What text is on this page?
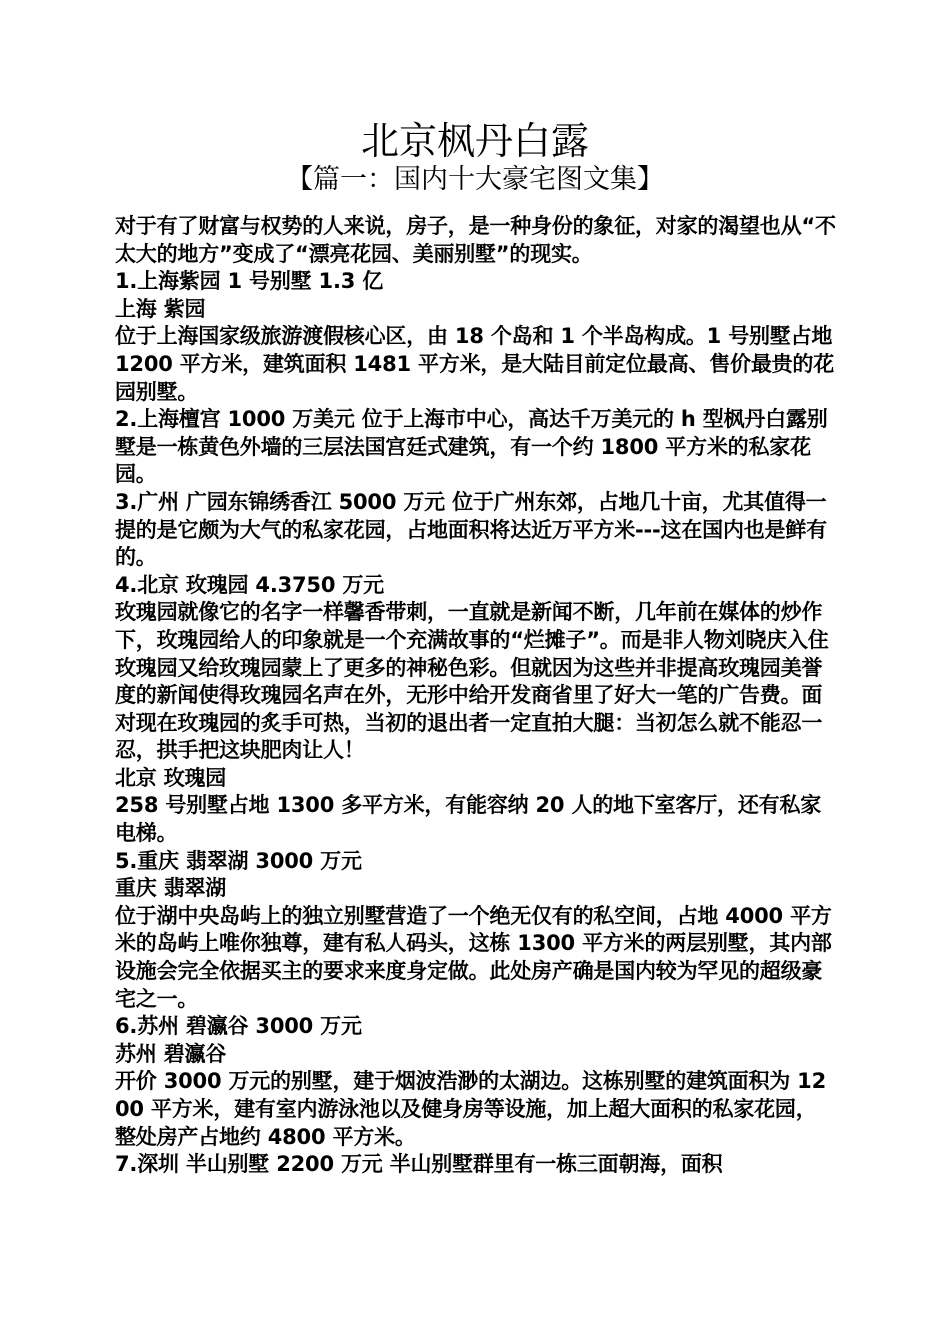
北京枫丹白露
【篇一：国内十大豪宅图文集】

对于有了财富与权势的人来说，房子，是一种身份的象征，对家的渴望也从“不太大的地方”变成了“漂亮花园、美丽别墅”的现实。

1.上海紫园 1 号别墅 1.3 亿

上海 紫园

位于上海国家级旅游渡假核心区，由 18 个岛和 1 个半岛构成。1 号别墅占地 1200 平方米，建筑面积 1481 平方米，是大陆目前定位最高、售价最贵的花园别墅。

2.上海檀宫 1000 万美元 位于上海市中心，高达千万美元的 h 型枫丹白露别墅是一栋黄色外墙的三层法国宫廷式建筑，有一个约 1800 平方米的私家花园。

3.广州 广园东锦绣香江 5000 万元 位于广州东郊，占地几十亩，尤其值得一提的是它颇为大气的私家花园，占地面积将达近万平方米---这在国内也是鲜有的。

4.北京 玫瑰园 4.3750 万元

玫瑰园就像它的名字一样馨香带刺，一直就是新闻不断，几年前在媒体的炒作下，玫瑰园给人的印象就是一个充满故事的“烂摊子”。而是非人物刘晓庆入住玫瑰园又给玫瑰园蒙上了更多的神秘色彩。但就因为这些并非提高玫瑰园美誉度的新闻使得玫瑰园名声在外，无形中给开发商省里了好大一笔的广告费。面对现在玫瑰园的炙手可热，当初的退出者一定直拍大腿：当初怎么就不能忍一忍，拱手把这块肥肉让人！

北京 玫瑰园

258 号别墅占地 1300 多平方米，有能容纳 20 人的地下室客厅，还有私家电梯。

5.重庆 翡翠湖 3000 万元

重庆 翡翠湖

位于湖中央岛屿上的独立别墅营造了一个绝无仅有的私空间，占地 4000 平方米的岛屿上唯你独尊，建有私人码头，这栋 1300 平方米的两层别墅，其内部设施会完全依据买主的要求来度身定做。此处房产确是国内较为罕见的超级豪宅之一。

6.苏州 碧瀛谷 3000 万元

苏州 碧瀛谷

开价 3000 万元的别墅，建于烟波浩渺的太湖边。这栋别墅的建筑面积为 1200 平方米，建有室内游泳池以及健身房等设施，加上超大面积的私家花园，整处房产占地约 4800 平方米。

7.深圳 半山别墅 2200 万元 半山别墅群里有一栋三面朝海，面积
